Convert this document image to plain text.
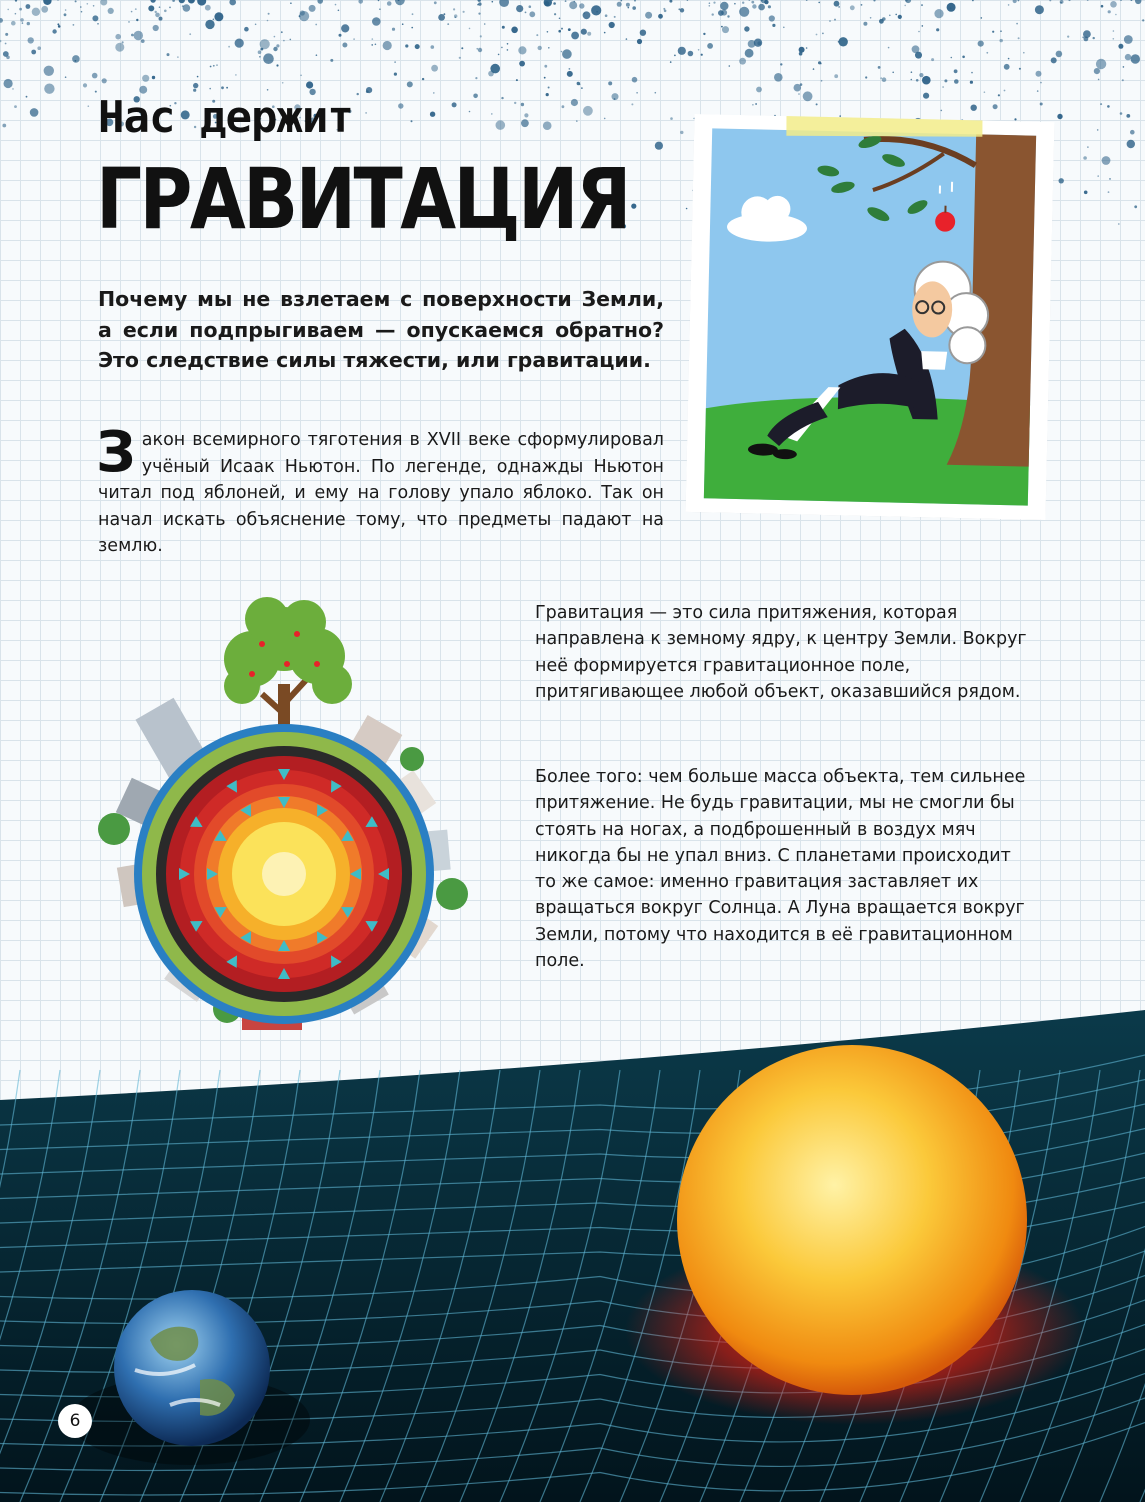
Нас держит
ГРАВИТАЦИЯ

Почему мы не взлетаем с поверхности Земли, а если подпрыгиваем — опускаемся обратно? Это следствие силы тяжести, или гравитации.

Закон всемирного тяготения в XVII веке сформулировал учёный Исаак Ньютон. По легенде, однажды Ньютон читал под яблоней, и ему на голову упало яблоко. Так он начал искать объяснение тому, что предметы падают на землю.

Гравитация — это сила притяжения, которая направлена к земному ядру, к центру Земли. Вокруг неё формируется гравитационное поле, притягивающее любой объект, оказавшийся рядом.

Более того: чем больше масса объекта, тем сильнее притяжение. Не будь гравитации, мы не смогли бы стоять на ногах, а подброшенный в воздух мяч никогда бы не упал вниз. С планетами происходит то же самое: именно гравитация заставляет их вращаться вокруг Солнца. А Луна вращается вокруг Земли, потому что находится в её гравитационном поле.

6
